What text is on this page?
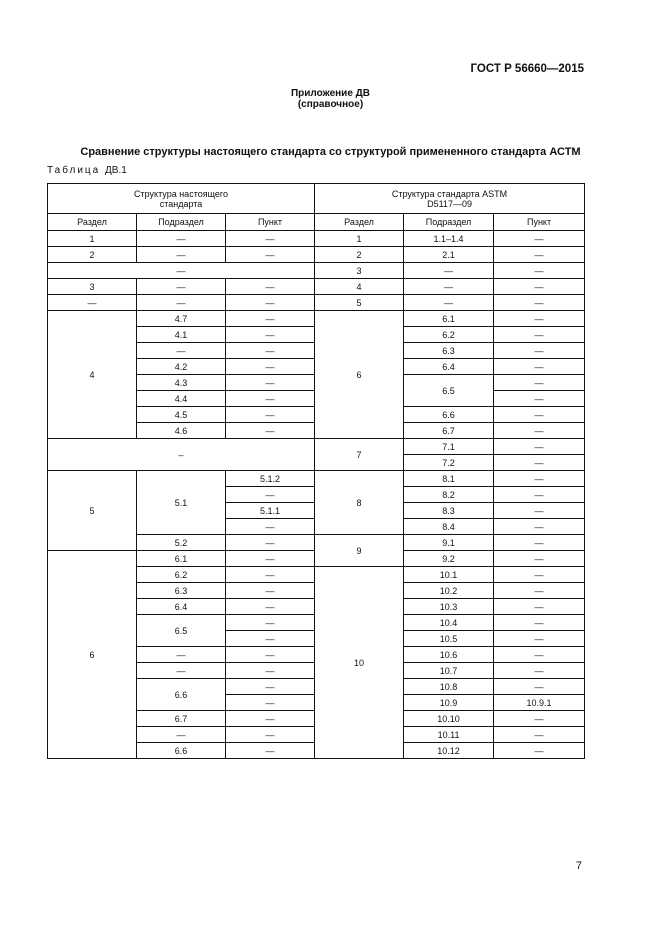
ГОСТ Р 56660—2015
Приложение ДВ
(справочное)
Сравнение структуры настоящего стандарта со структурой примененного стандарта АСТМ
Таблица ДВ.1
Структура настоящего стандарта			Структура стандарта ASTM D5117—09		

Раздел	Подраздел	Пункт	Раздел	Подраздел	Пункт
1	—	—	1	1.1–1.4	—
2	—	—	2	2.1	—
—			3	—	—
3	—	—	4	—	—
—	—	—	5	—	—
4	4.7	—	6	6.1	—
	4.1	—		6.2	—
	—	—		6.3	—
	4.2	—		6.4	—
	4.3	—		6.5	—
	4.4	—			—
	4.5	—		6.6	—
	4.6	—		6.7	—
–			7	7.1	—
				7.2	—
5	5.1	5.1.2	8	8.1	—
		—		8.2	—
		5.1.1		8.3	—
		—		8.4	—
	5.2	—	9	9.1	—
6	6.1	—		9.2	—
	6.2	—	10	10.1	—
	6.3	—		10.2	—
	6.4	—		10.3	—
	6.5	—		10.4	—
		—		10.5	—
	—	—		10.6	—
	—	—		10.7	—
	6.6	—		10.8	—
		—		10.9	10.9.1
	6.7	—		10.10	—
	—	—		10.11	—
	6.6	—		10.12	—
7
